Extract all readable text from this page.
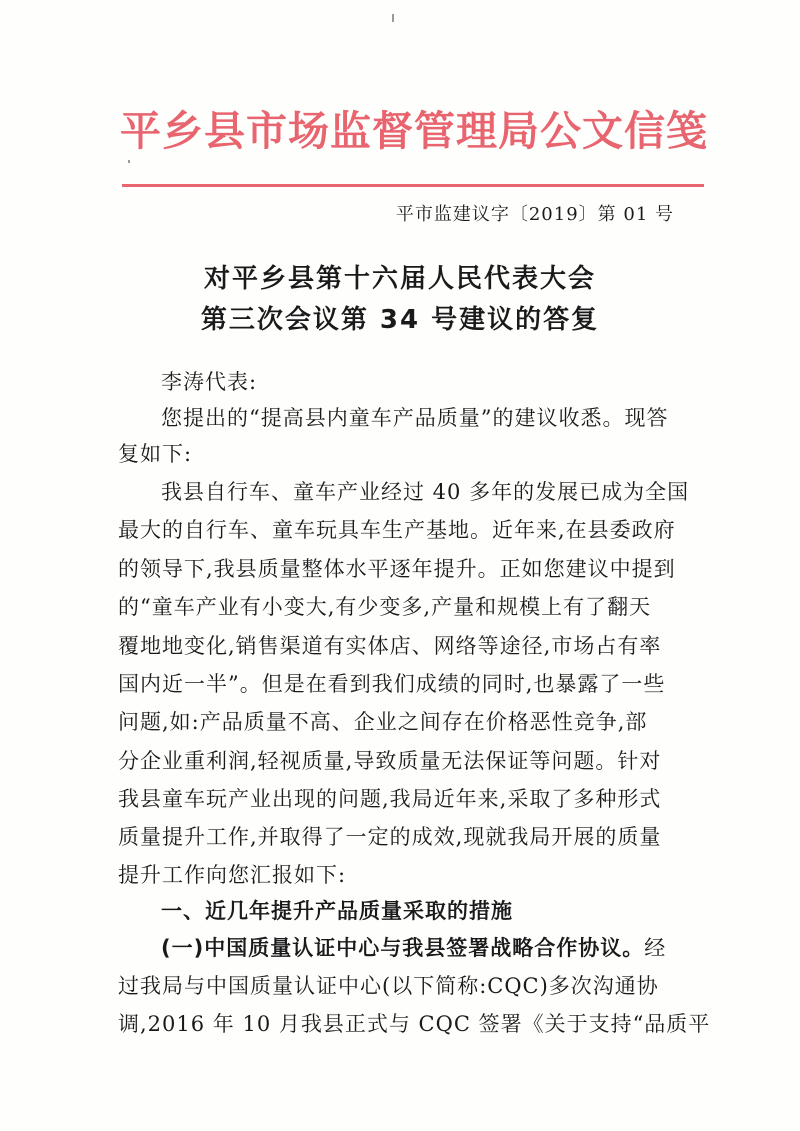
平乡县市场监督管理局公文信笺
平市监建议字〔2019〕第 01 号
对平乡县第十六届人民代表大会
第三次会议第 34 号建议的答复
李涛代表:
您提出的“提高县内童车产品质量”的建议收悉。现答
复如下:
我县自行车、童车产业经过 40 多年的发展已成为全国
最大的自行车、童车玩具车生产基地。近年来,在县委政府
的领导下,我县质量整体水平逐年提升。正如您建议中提到
的“童车产业有小变大,有少变多,产量和规模上有了翻天
覆地地变化,销售渠道有实体店、网络等途径,市场占有率
国内近一半”。但是在看到我们成绩的同时,也暴露了一些
问题,如:产品质量不高、企业之间存在价格恶性竞争,部
分企业重利润,轻视质量,导致质量无法保证等问题。针对
我县童车玩产业出现的问题,我局近年来,采取了多种形式
质量提升工作,并取得了一定的成效,现就我局开展的质量
提升工作向您汇报如下:
一、近几年提升产品质量采取的措施
(一)中国质量认证中心与我县签署战略合作协议。经
过我局与中国质量认证中心(以下简称:CQC)多次沟通协
调,2016 年 10 月我县正式与 CQC 签署《关于支持“品质平
